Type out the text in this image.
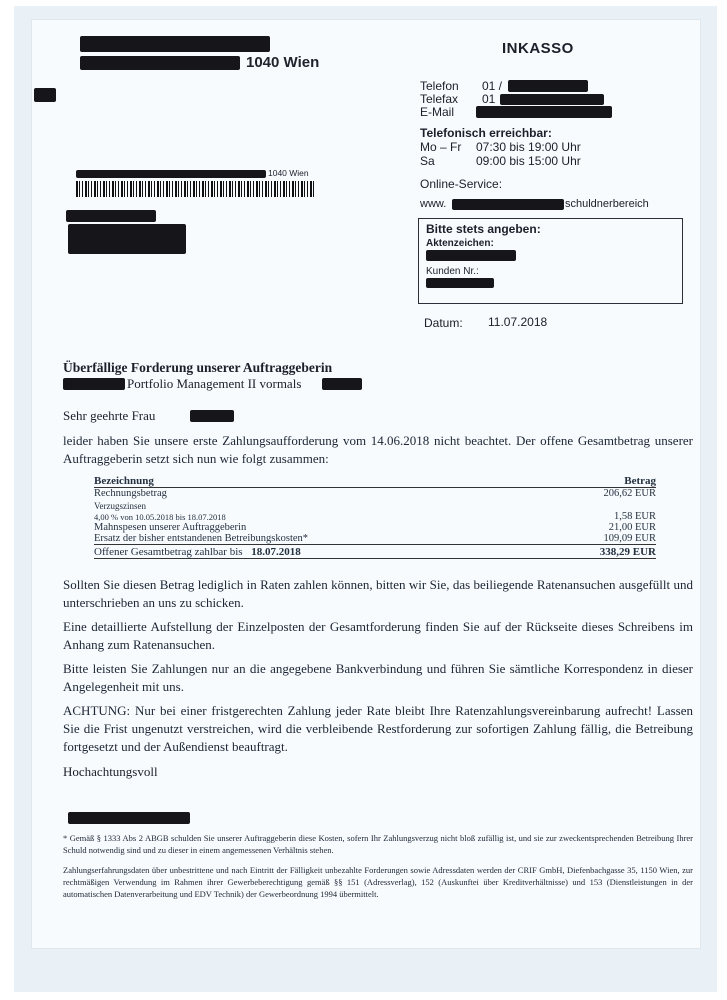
1040 Wien
INKASSO
Telefon	01 /
Telefax	01
E-Mail
Telefonisch erreichbar:
Mo – Fr	07:30 bis 19:00 Uhr
Sa	09:00 bis 15:00 Uhr
Online-Service:
www.	schuldnerbereich
1040 Wien
Bitte stets angeben:
Aktenzeichen:
Kunden Nr.:
Datum: 11.07.2018
Überfällige Forderung unserer Auftraggeberin
Portfolio Management II vormals
Sehr geehrte Frau
leider haben Sie unsere erste Zahlungsaufforderung vom 14.06.2018 nicht beachtet. Der offene Gesamtbetrag unserer Auftraggeberin setzt sich nun wie folgt zusammen:
Bezeichnung	Betrag
Rechnungsbetrag	206,62 EUR
Verzugszinsen
4,00 % von 10.05.2018 bis 18.07.2018	1,58 EUR
Mahnspesen unserer Auftraggeberin	21,00 EUR
Ersatz der bisher entstandenen Betreibungskosten*	109,09 EUR
Offener Gesamtbetrag zahlbar bis 18.07.2018	338,29 EUR
Sollten Sie diesen Betrag lediglich in Raten zahlen können, bitten wir Sie, das beiliegende Ratenansuchen ausgefüllt und unterschrieben an uns zu schicken.
Eine detaillierte Aufstellung der Einzelposten der Gesamtforderung finden Sie auf der Rückseite dieses Schreibens im Anhang zum Ratenansuchen.
Bitte leisten Sie Zahlungen nur an die angegebene Bankverbindung und führen Sie sämtliche Korrespondenz in dieser Angelegenheit mit uns.
ACHTUNG: Nur bei einer fristgerechten Zahlung jeder Rate bleibt Ihre Ratenzahlungsvereinbarung aufrecht! Lassen Sie die Frist ungenutzt verstreichen, wird die verbleibende Restforderung zur sofortigen Zahlung fällig, die Betreibung fortgesetzt und der Außendienst beauftragt.
Hochachtungsvoll
* Gemäß § 1333 Abs 2 ABGB schulden Sie unserer Auftraggeberin diese Kosten, sofern Ihr Zahlungsverzug nicht bloß zufällig ist, und sie zur zweckentsprechenden Betreibung Ihrer Schuld notwendig sind und zu dieser in einem angemessenen Verhältnis stehen.
Zahlungserfahrungsdaten über unbestrittene und nach Eintritt der Fälligkeit unbezahlte Forderungen sowie Adressdaten werden der CRIF GmbH, Diefenbachgasse 35, 1150 Wien, zur rechtmäßigen Verwendung im Rahmen ihrer Gewerbeberechtigung gemäß §§ 151 (Adressverlag), 152 (Auskunftei über Kreditverhältnisse) und 153 (Dienstleistungen in der automatischen Datenverarbeitung und EDV Technik) der Gewerbeordnung 1994 übermittelt.
